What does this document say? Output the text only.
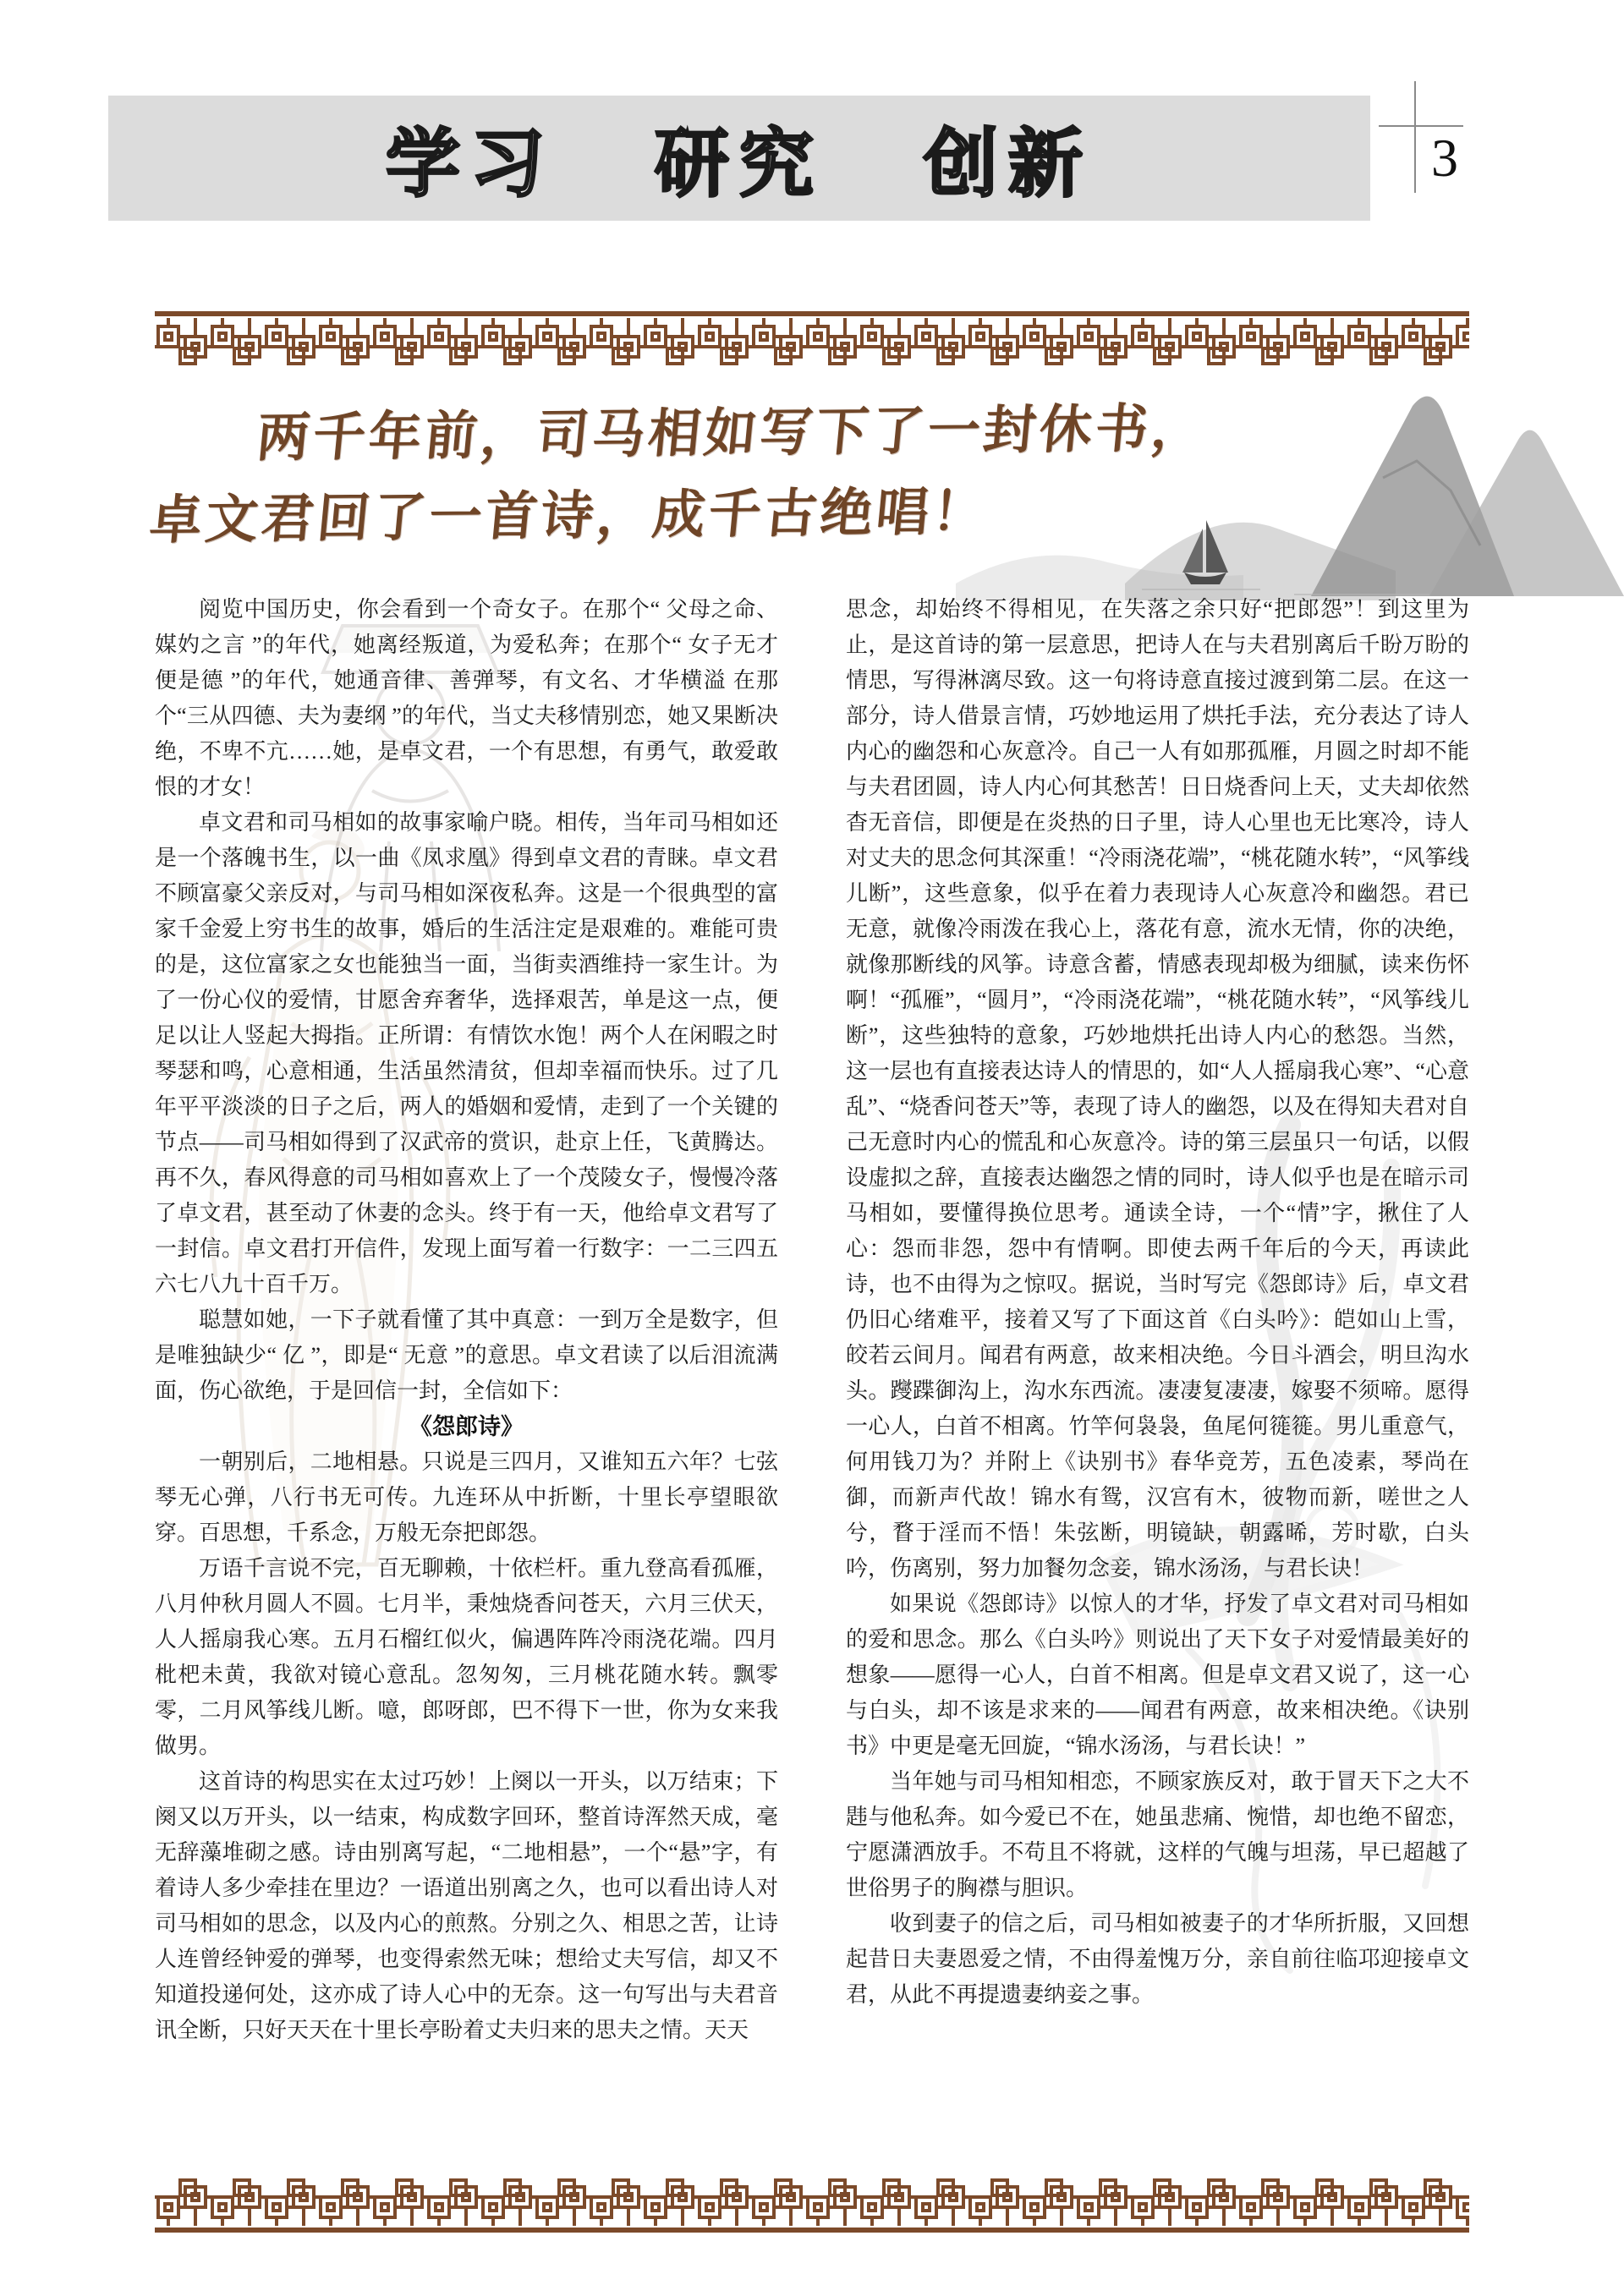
学习 研究 创新	3
两千年前，司马相如写下了一封休书，
卓文君回了一首诗，成千古绝唱！

阅览中国历史，你会看到一个奇女子。在那个“ 父母之命、媒妁之言 ”的年代，她离经叛道，为爱私奔；在那个“ 女子无才便是德 ”的年代，她通音律、善弹琴，有文名、才华横溢 在那个“三从四德、夫为妻纲 ”的年代，当丈夫移情别恋，她又果断决绝，不卑不亢……她，是卓文君，一个有思想，有勇气，敢爱敢恨的才女！

卓文君和司马相如的故事家喻户晓。相传，当年司马相如还是一个落魄书生，以一曲《凤求凰》得到卓文君的青睐。卓文君不顾富豪父亲反对，与司马相如深夜私奔。这是一个很典型的富家千金爱上穷书生的故事，婚后的生活注定是艰难的。难能可贵的是，这位富家之女也能独当一面，当街卖酒维持一家生计。为了一份心仪的爱情，甘愿舍弃奢华，选择艰苦，单是这一点，便足以让人竖起大拇指。正所谓：有情饮水饱！两个人在闲暇之时琴瑟和鸣，心意相通，生活虽然清贫，但却幸福而快乐。过了几年平平淡淡的日子之后，两人的婚姻和爱情，走到了一个关键的节点——司马相如得到了汉武帝的赏识，赴京上任，飞黄腾达。再不久，春风得意的司马相如喜欢上了一个茂陵女子，慢慢冷落了卓文君，甚至动了休妻的念头。终于有一天，他给卓文君写了一封信。卓文君打开信件，发现上面写着一行数字：一二三四五六七八九十百千万。

聪慧如她，一下子就看懂了其中真意：一到万全是数字，但是唯独缺少“ 亿 ”，即是“ 无意 ”的意思。卓文君读了以后泪流满面，伤心欲绝，于是回信一封，全信如下：

《怨郎诗》

一朝别后，二地相悬。只说是三四月，又谁知五六年？七弦琴无心弹，八行书无可传。九连环从中折断，十里长亭望眼欲穿。百思想，千系念，万般无奈把郎怨。

万语千言说不完，百无聊赖，十依栏杆。重九登高看孤雁，八月仲秋月圆人不圆。七月半，秉烛烧香问苍天，六月三伏天，人人摇扇我心寒。五月石榴红似火，偏遇阵阵冷雨浇花端。四月枇杷未黄，我欲对镜心意乱。忽匆匆，三月桃花随水转。飘零零，二月风筝线儿断。噫，郎呀郎，巴不得下一世，你为女来我做男。

这首诗的构思实在太过巧妙！上阕以一开头，以万结束；下阕又以万开头，以一结束，构成数字回环，整首诗浑然天成，毫无辞藻堆砌之感。诗由别离写起，“二地相悬”，一个“悬”字，有着诗人多少牵挂在里边？一语道出别离之久，也可以看出诗人对司马相如的思念，以及内心的煎熬。分别之久、相思之苦，让诗人连曾经钟爱的弹琴，也变得索然无味；想给丈夫写信，却又不知道投递何处，这亦成了诗人心中的无奈。这一句写出与夫君音讯全断，只好天天在十里长亭盼着丈夫归来的思夫之情。天天

思念，却始终不得相见，在失落之余只好“把郎怨”！到这里为止，是这首诗的第一层意思，把诗人在与夫君别离后千盼万盼的情思，写得淋漓尽致。这一句将诗意直接过渡到第二层。在这一部分，诗人借景言情，巧妙地运用了烘托手法，充分表达了诗人内心的幽怨和心灰意冷。自己一人有如那孤雁，月圆之时却不能与夫君团圆，诗人内心何其愁苦！日日烧香问上天，丈夫却依然杳无音信，即便是在炎热的日子里，诗人心里也无比寒冷，诗人对丈夫的思念何其深重！“冷雨浇花端”，“桃花随水转”，“风筝线儿断”，这些意象，似乎在着力表现诗人心灰意冷和幽怨。君已无意，就像冷雨泼在我心上，落花有意，流水无情，你的决绝，就像那断线的风筝。诗意含蓄，情感表现却极为细腻，读来伤怀啊！“孤雁”，“圆月”，“冷雨浇花端”，“桃花随水转”，“风筝线儿断”，这些独特的意象，巧妙地烘托出诗人内心的愁怨。当然，这一层也有直接表达诗人的情思的，如“人人摇扇我心寒”、“心意乱”、“烧香问苍天”等，表现了诗人的幽怨，以及在得知夫君对自己无意时内心的慌乱和心灰意冷。诗的第三层虽只一句话，以假设虚拟之辞，直接表达幽怨之情的同时，诗人似乎也是在暗示司马相如，要懂得换位思考。通读全诗，一个“情”字，揪住了人心：怨而非怨，怨中有情啊。即使去两千年后的今天，再读此诗，也不由得为之惊叹。据说，当时写完《怨郎诗》后，卓文君仍旧心绪难平，接着又写了下面这首《白头吟》：皑如山上雪，皎若云间月。闻君有两意，故来相决绝。今日斗酒会，明旦沟水头。躞蹀御沟上，沟水东西流。凄凄复凄凄，嫁娶不须啼。愿得一心人，白首不相离。竹竿何袅袅，鱼尾何簁簁。男儿重意气，何用钱刀为？并附上《诀别书》春华竞芳，五色凌素，琴尚在御，而新声代故！锦水有鸳，汉宫有木，彼物而新，嗟世之人兮，瞀于淫而不悟！朱弦断，明镜缺，朝露晞，芳时歇，白头吟，伤离别，努力加餐勿念妾，锦水汤汤，与君长诀！

如果说《怨郎诗》以惊人的才华，抒发了卓文君对司马相如的爱和思念。那么《白头吟》则说出了天下女子对爱情最美好的想象——愿得一心人，白首不相离。但是卓文君又说了，这一心与白头，却不该是求来的——闻君有两意，故来相决绝。《诀别书》中更是毫无回旋，“锦水汤汤，与君长诀！”

当年她与司马相知相恋，不顾家族反对，敢于冒天下之大不韪与他私奔。如今爱已不在，她虽悲痛、惋惜，却也绝不留恋，宁愿潇洒放手。不苟且不将就，这样的气魄与坦荡，早已超越了世俗男子的胸襟与胆识。

收到妻子的信之后，司马相如被妻子的才华所折服，又回想起昔日夫妻恩爱之情，不由得羞愧万分，亲自前往临邛迎接卓文君，从此不再提遗妻纳妾之事。
